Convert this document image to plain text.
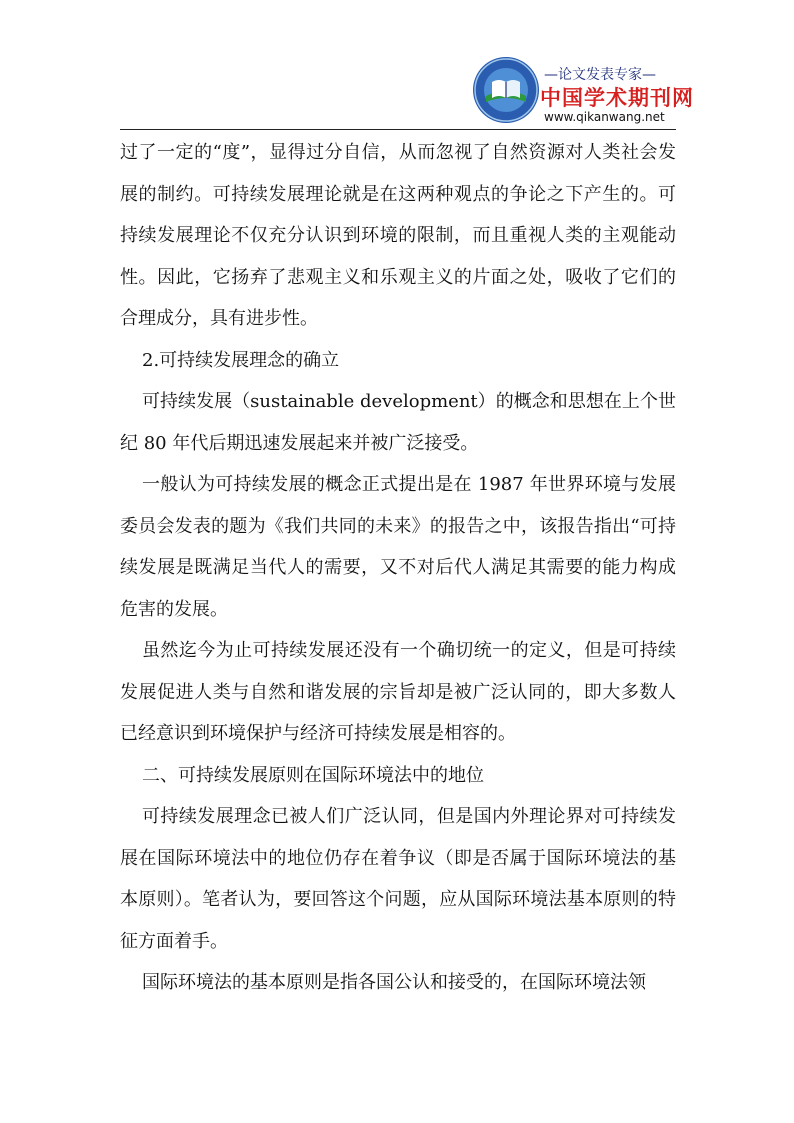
—论文发表专家—
中国学术期刊网
www.qikanwang.net

过了一定的“度”，显得过分自信，从而忽视了自然资源对人类社会发展的制约。可持续发展理论就是在这两种观点的争论之下产生的。可持续发展理论不仅充分认识到环境的限制，而且重视人类的主观能动性。因此，它扬弃了悲观主义和乐观主义的片面之处，吸收了它们的合理成分，具有进步性。

2.可持续发展理念的确立

可持续发展（sustainable development）的概念和思想在上个世纪 80 年代后期迅速发展起来并被广泛接受。

一般认为可持续发展的概念正式提出是在 1987 年世界环境与发展委员会发表的题为《我们共同的未来》的报告之中，该报告指出“可持续发展是既满足当代人的需要，又不对后代人满足其需要的能力构成危害的发展。

虽然迄今为止可持续发展还没有一个确切统一的定义，但是可持续发展促进人类与自然和谐发展的宗旨却是被广泛认同的，即大多数人已经意识到环境保护与经济可持续发展是相容的。

二、可持续发展原则在国际环境法中的地位

可持续发展理念已被人们广泛认同，但是国内外理论界对可持续发展在国际环境法中的地位仍存在着争议（即是否属于国际环境法的基本原则）。笔者认为，要回答这个问题，应从国际环境法基本原则的特征方面着手。

国际环境法的基本原则是指各国公认和接受的，在国际环境法领
